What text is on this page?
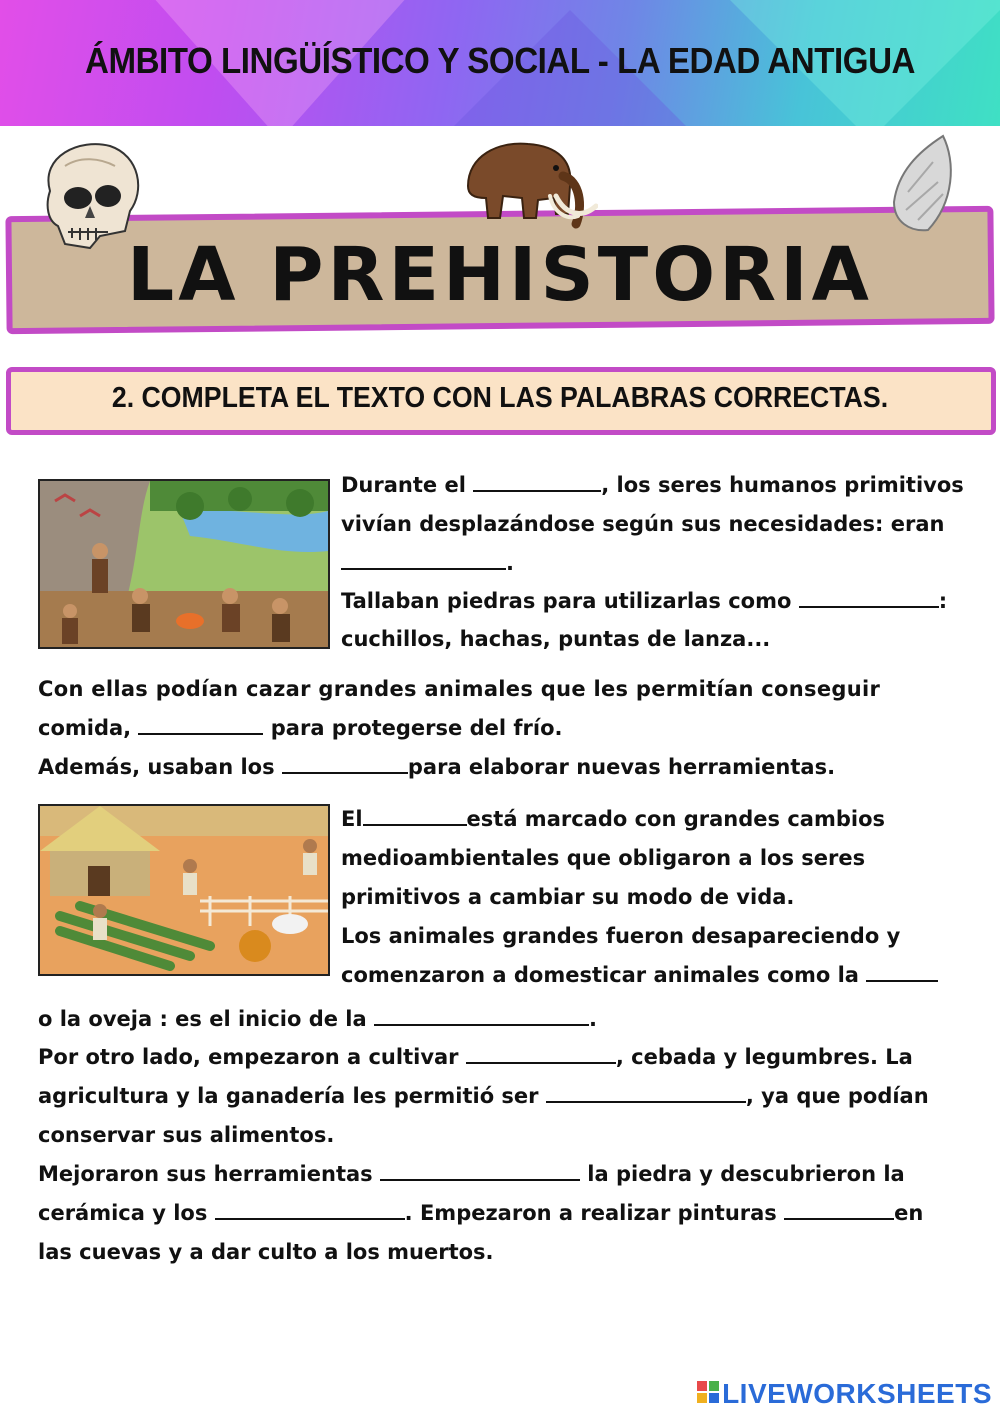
ÁMBITO LINGÜÍSTICO Y SOCIAL - LA EDAD ANTIGUA
LA PREHISTORIA
2. COMPLETA EL TEXTO CON LAS PALABRAS CORRECTAS.
Durante el	, los seres humanos primitivos
vivían desplazándose según sus necesidades: eran
.
Tallaban piedras para utilizarlas como	:
cuchillos, hachas, puntas de lanza...
Con ellas podían cazar grandes animales que les permitían conseguir
comida,	para protegerse del frío.
Además, usaban los	para elaborar nuevas herramientas.
El	está marcado con grandes cambios
medioambientales que obligaron a los seres
primitivos a cambiar su modo de vida.
Los animales grandes fueron desapareciendo y
comenzaron a domesticar animales como la
o la oveja : es el inicio de la	.
Por otro lado, empezaron a cultivar	, cebada y legumbres. La
agricultura y la ganadería les permitió ser	, ya que podían
conservar sus alimentos.
Mejoraron sus herramientas	la piedra y descubrieron la
cerámica y los	. Empezaron a realizar pinturas	en
las cuevas y a dar culto a los muertos.
LIVEWORKSHEETS
